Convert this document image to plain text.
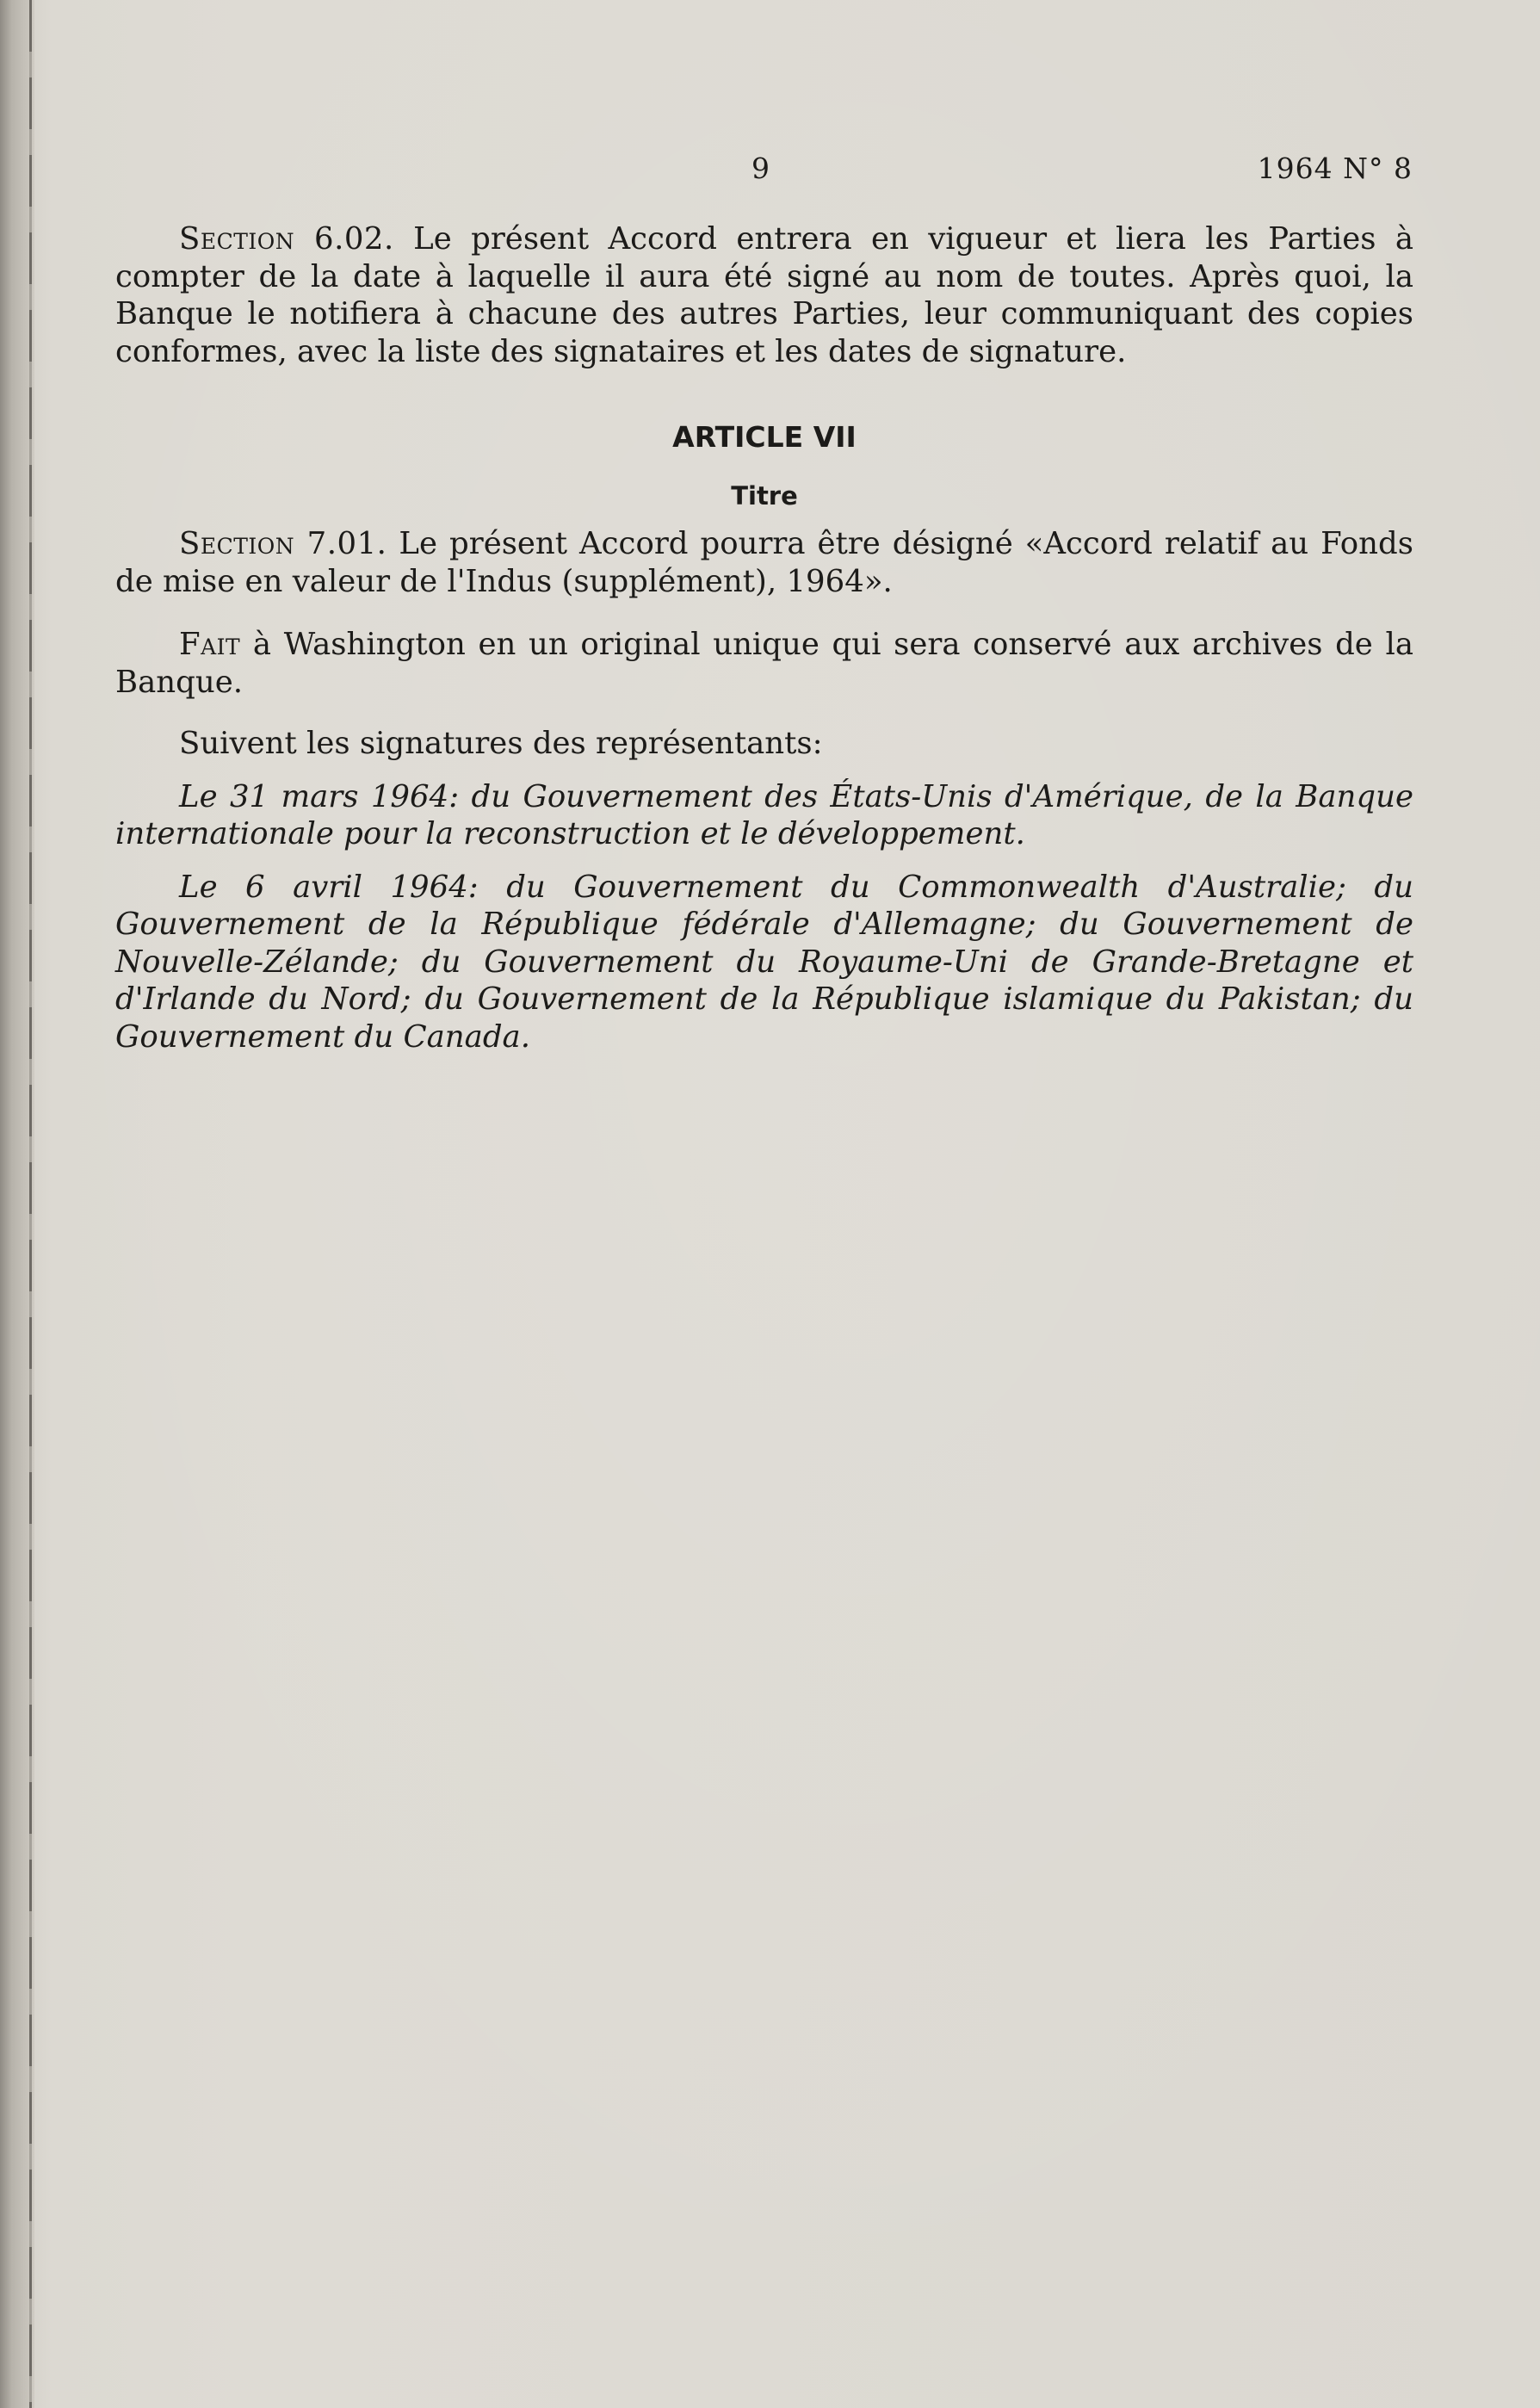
9	1964 N° 8

Section 6.02. Le présent Accord entrera en vigueur et liera les Parties à compter de la date à laquelle il aura été signé au nom de toutes. Après quoi, la Banque le notifiera à chacune des autres Parties, leur communiquant des copies conformes, avec la liste des signataires et les dates de signature.

ARTICLE VII
Titre

Section 7.01. Le présent Accord pourra être désigné «Accord relatif au Fonds de mise en valeur de l'Indus (supplément), 1964».

Fait à Washington en un original unique qui sera conservé aux archives de la Banque.

Suivent les signatures des représentants:

Le 31 mars 1964: du Gouvernement des États-Unis d'Amérique, de la Banque internationale pour la reconstruction et le développement.

Le 6 avril 1964: du Gouvernement du Commonwealth d'Australie; du Gouvernement de la République fédérale d'Allemagne; du Gouvernement de Nouvelle-Zélande; du Gouvernement du Royaume-Uni de Grande-Bretagne et d'Irlande du Nord; du Gouvernement de la République islamique du Pakistan; du Gouvernement du Canada.
